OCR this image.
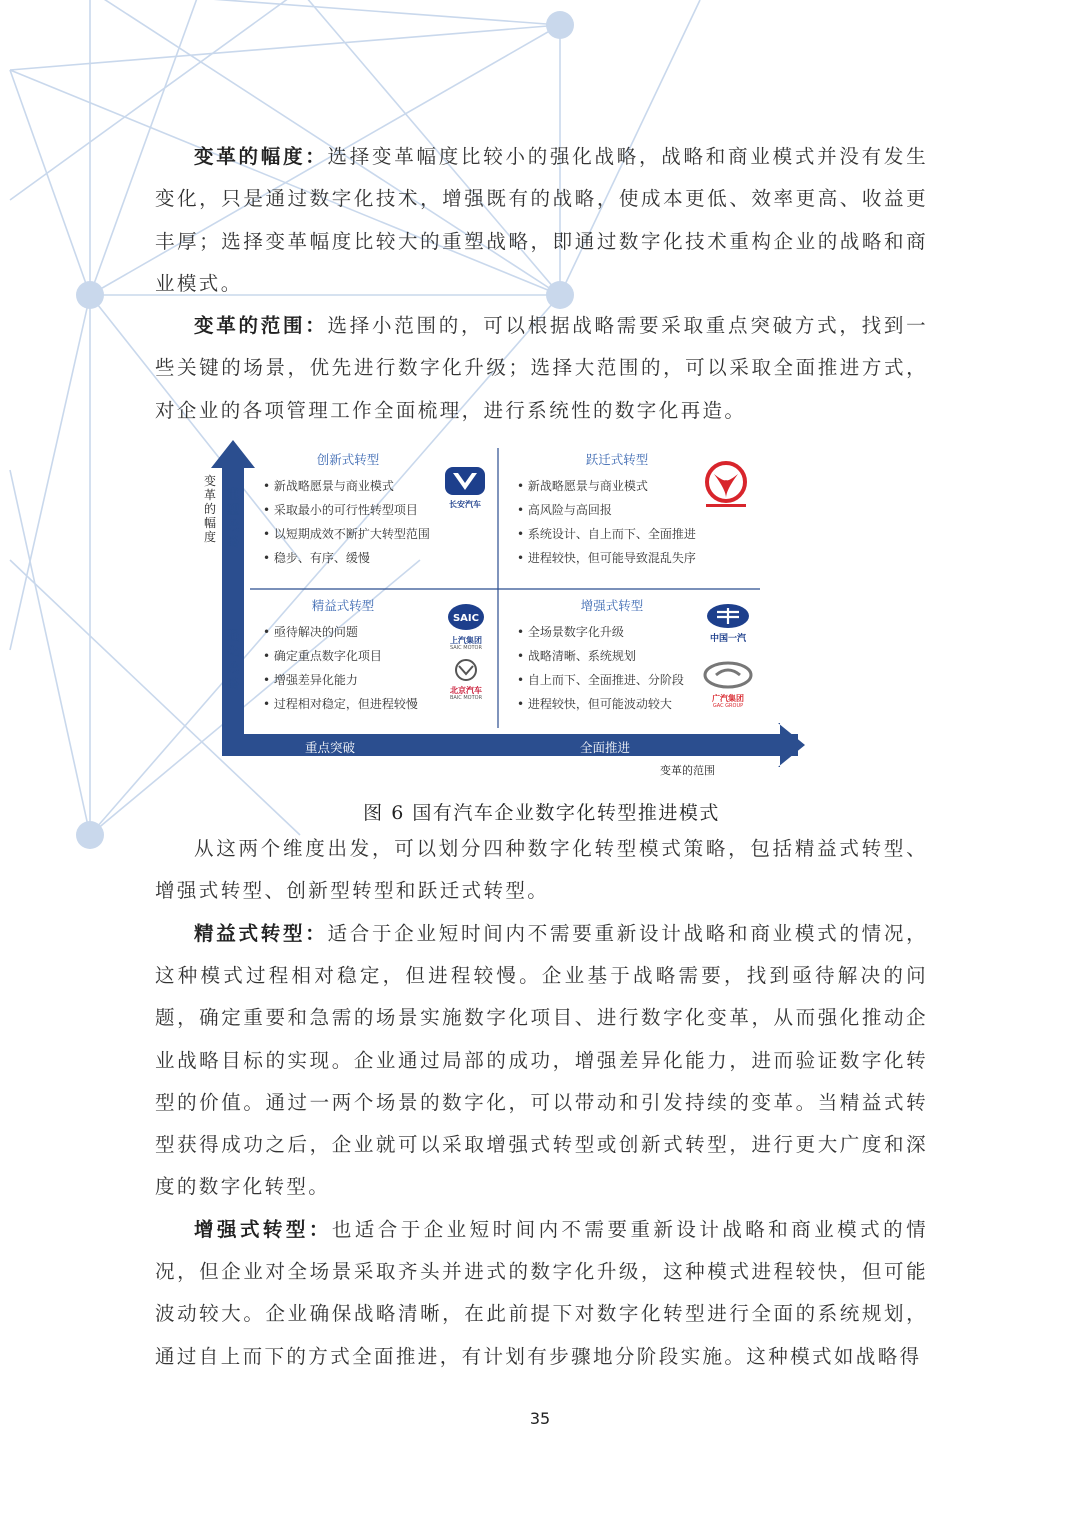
变革的幅度：选择变革幅度比较小的强化战略，战略和商业模式并没有发生变化，只是通过数字化技术，增强既有的战略，使成本更低、效率更高、收益更丰厚；选择变革幅度比较大的重塑战略，即通过数字化技术重构企业的战略和商业模式。

变革的范围：选择小范围的，可以根据战略需要采取重点突破方式，找到一些关键的场景，优先进行数字化升级；选择大范围的，可以采取全面推进方式，对企业的各项管理工作全面梳理，进行系统性的数字化再造。

变革的幅度
重塑战略
强化战略
创新式转型
• 新战略愿景与商业模式
• 采取最小的可行性转型项目
• 以短期成效不断扩大转型范围
• 稳步、有序、缓慢
跃迁式转型
• 新战略愿景与商业模式
• 高风险与高回报
• 系统设计、自上而下、全面推进
• 进程较快，但可能导致混乱失序
精益式转型
• 亟待解决的问题
• 确定重点数字化项目
• 增强差异化能力
• 过程相对稳定，但进程较慢
增强式转型
• 全场景数字化升级
• 战略清晰、系统规划
• 自上而下、全面推进、分阶段
• 进程较快，但可能波动较大
长安汽车
SAIC
上汽集团
SAIC MOTOR
北京汽车
BAIC MOTOR
中国一汽
广汽集团
GAC GROUP
重点突破	全面推进
变革的范围

图 6 国有汽车企业数字化转型推进模式

从这两个维度出发，可以划分四种数字化转型模式策略，包括精益式转型、增强式转型、创新型转型和跃迁式转型。

精益式转型：适合于企业短时间内不需要重新设计战略和商业模式的情况，这种模式过程相对稳定，但进程较慢。企业基于战略需要，找到亟待解决的问题，确定重要和急需的场景实施数字化项目、进行数字化变革，从而强化推动企业战略目标的实现。企业通过局部的成功，增强差异化能力，进而验证数字化转型的价值。通过一两个场景的数字化，可以带动和引发持续的变革。当精益式转型获得成功之后，企业就可以采取增强式转型或创新式转型，进行更大广度和深度的数字化转型。

增强式转型：也适合于企业短时间内不需要重新设计战略和商业模式的情况，但企业对全场景采取齐头并进式的数字化升级，这种模式进程较快，但可能波动较大。企业确保战略清晰，在此前提下对数字化转型进行全面的系统规划，通过自上而下的方式全面推进，有计划有步骤地分阶段实施。这种模式如战略得

35
